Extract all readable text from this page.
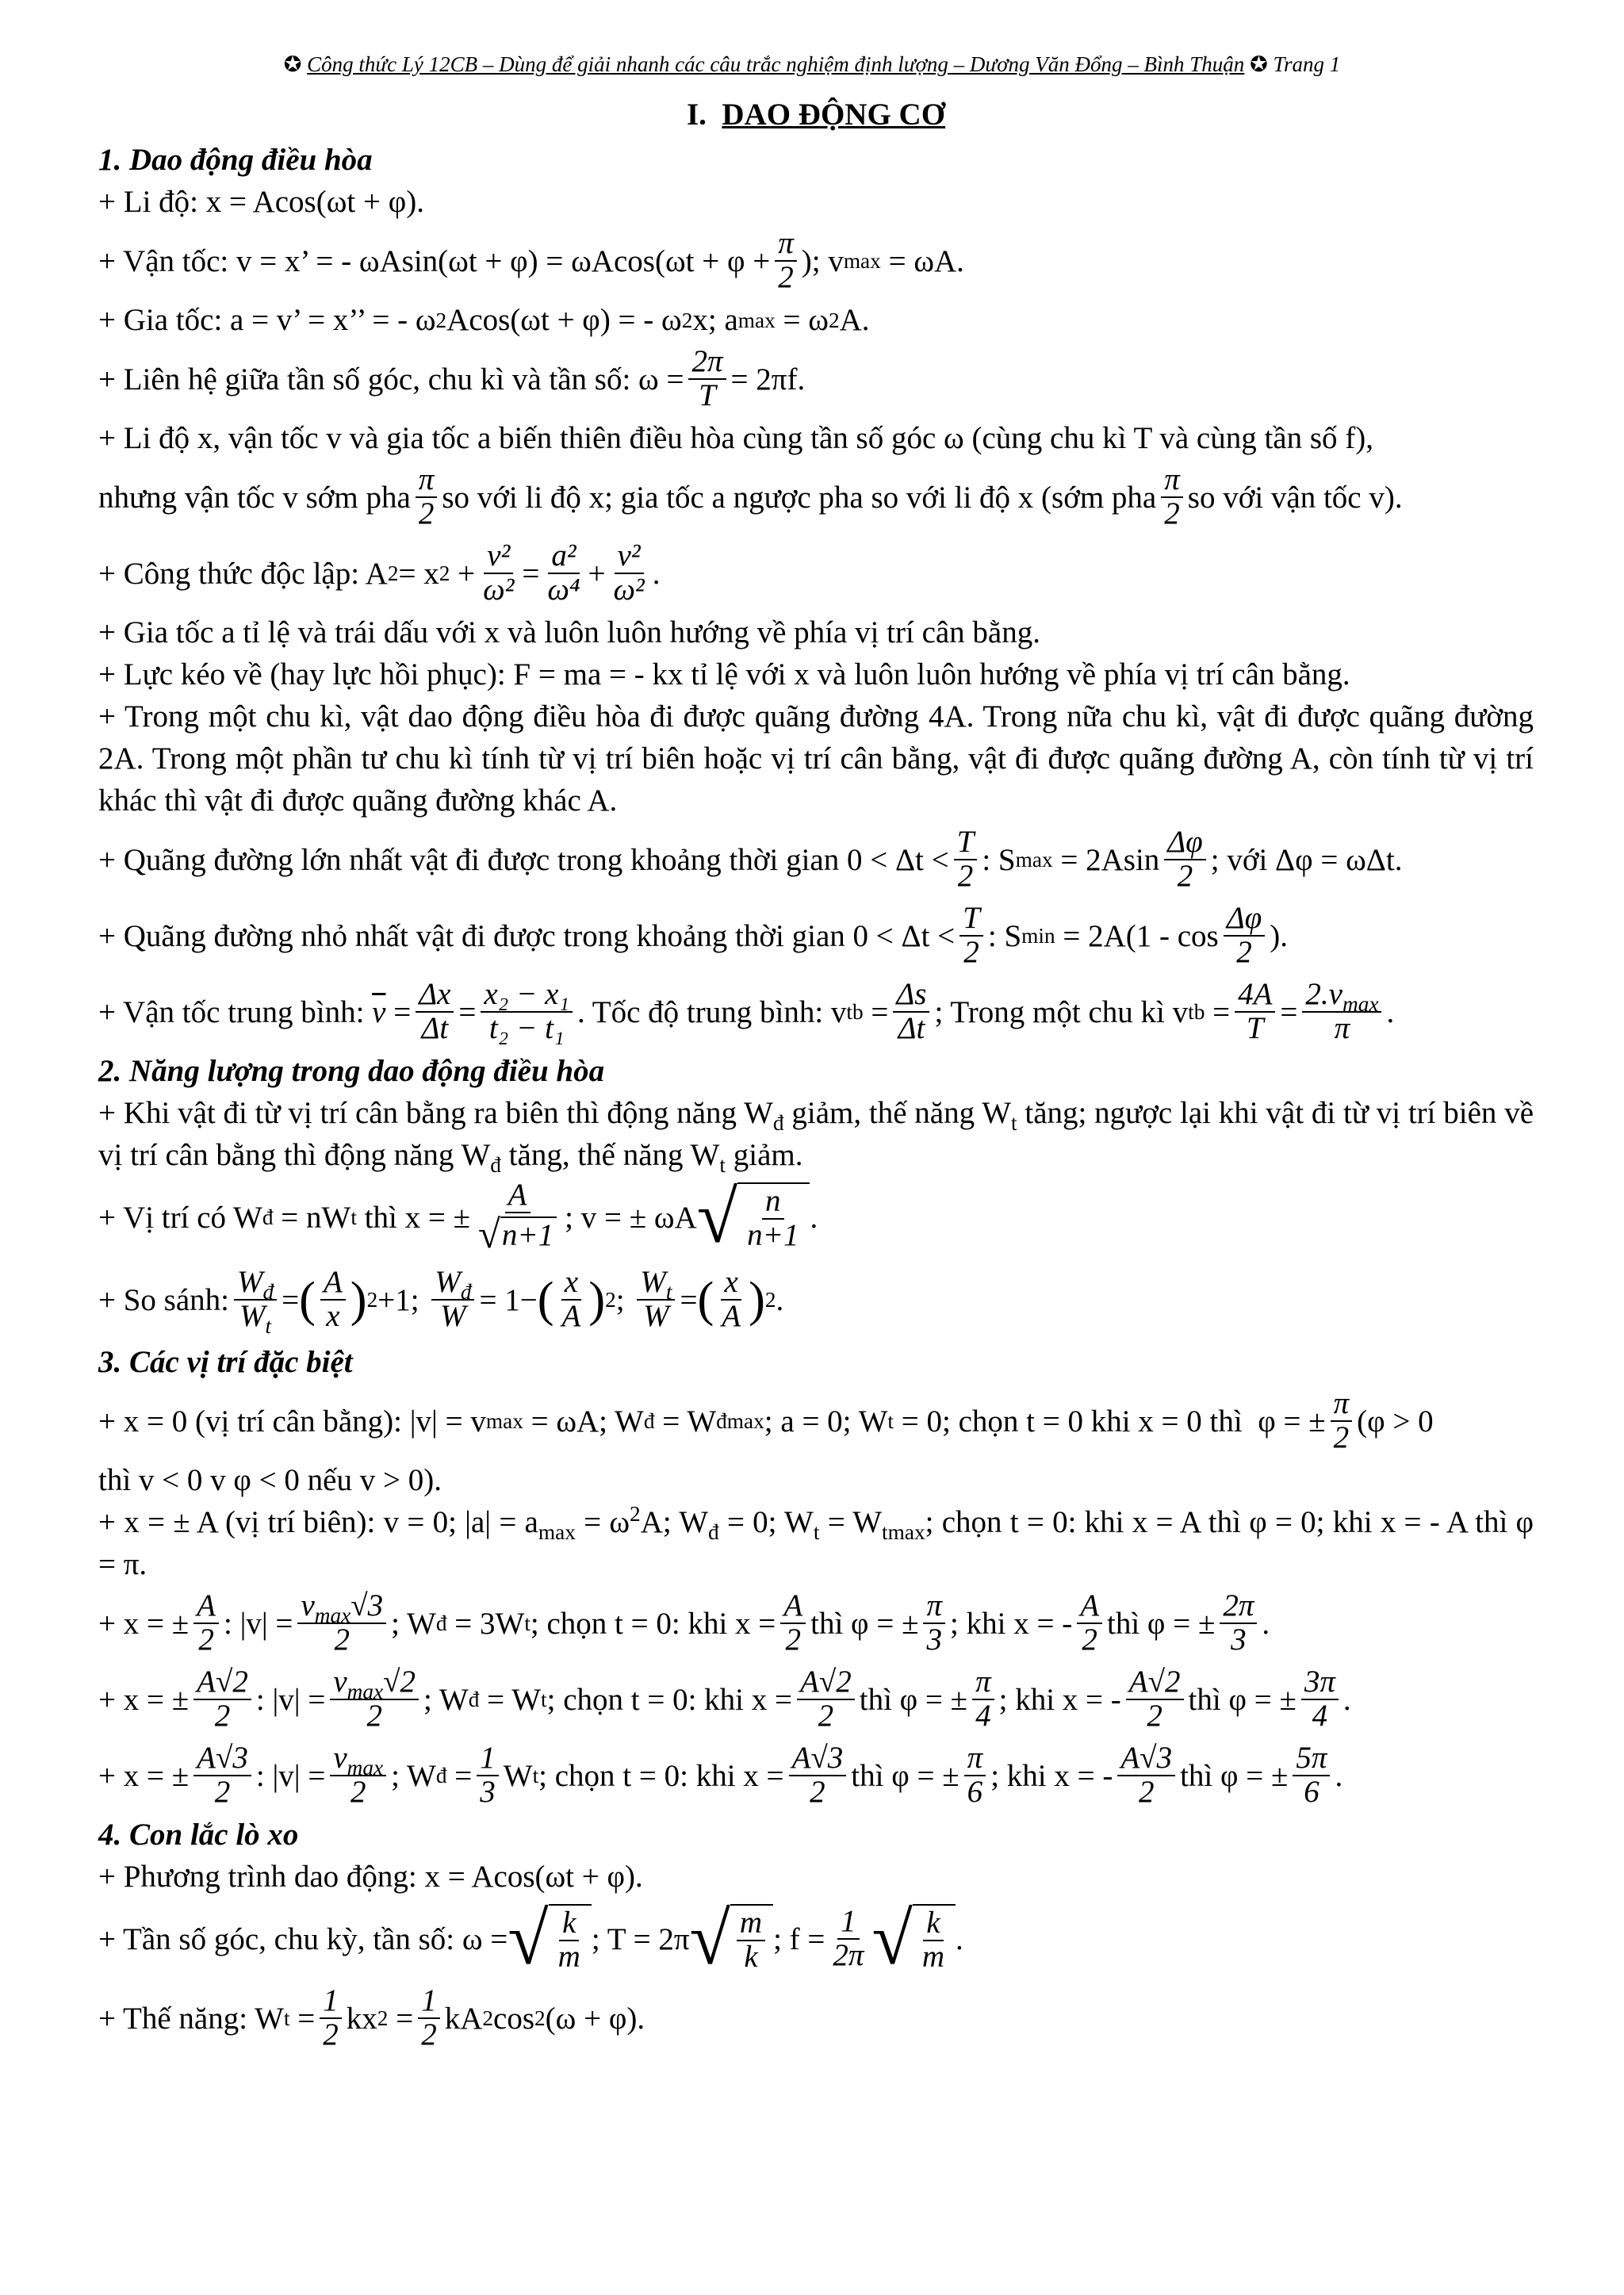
✪ Công thức Lý 12CB – Dùng để giải nhanh các câu trắc nghiệm định lượng – Dương Văn Đổng – Bình Thuận ✪ Trang 1
I. DAO ĐỘNG CƠ
1. Dao động điều hòa
+ Li độ: x = Acos(ωt + φ).
+ Vận tốc: v = x’ = - $\omega Asin(\omega t + \varphi) = \omega Acos(\omega t + \varphi + \frac{\pi}{2}$ ); v max
= ωA.
+ Gia tốc: a = v’ = x’’ = - ω 2 Acos(ωt + φ) = - ω 2 x; a max
= ω 2 A.
+ Liên hệ giữa tần số góc, chu kì và tần số: $\omega = \frac{2\pi}{T} = 2\pi f$.
+ Li độ x, vận tốc v và gia tốc a biến thiên điều hòa cùng tần số góc ω (cùng chu kì T và cùng tần số f),
nhưng vận tốc v sớm pha $\frac{\pi}{2}$ so với li độ x; gia tốc a ngược pha so với li độ x (sớm pha $\frac{\pi}{2}$ so với vận tốc v).
+ Công thức độc lập: A 2 = x 2
+ $\frac{\text{v²}}{\text{ω²}} = \frac{\text{a²}}{\text{ω⁴}} + \frac{\text{v²}}{\text{ω²}}$ .
+ Gia tốc a tỉ lệ và trái dấu với x và luôn luôn hướng về phía vị trí cân bằng.
+ Lực kéo về (hay lực hồi phục): F = ma = - kx tỉ lệ với x và luôn luôn hướng về phía vị trí cân bằng.
+ Trong một chu kì, vật dao động điều hòa đi được quãng đường 4A. Trong nữa chu kì, vật đi được quãng đường 2A. Trong một phần tư chu kì tính từ vị trí biên hoặc vị trí cân bằng, vật đi được quãng đường A, còn tính từ vị trí khác thì vật đi được quãng đường khác A.
+ Quãng đường lớn nhất vật đi được trong khoảng thời gian $0 < \Delta t < \frac{T}{2}$ : S max
= $2Asin \frac{\Delta\varphi}{2}$ ; với Δφ = ωΔt.
+ Quãng đường nhỏ nhất vật đi được trong khoảng thời gian $0 < \Delta t < \frac{T}{2}$ : S min
= $2A(1 - \cos \frac{\Delta\varphi}{2}$ ).
+ Vận tốc trung bình:
$\overline{v}$
= $\frac{\Delta x}{\Delta t} = \frac{\text{x₂ − x₁}}{\text{t₂ − t₁}}$ . Tốc độ trung bình: v tb
= $\frac{\Delta s}{\Delta t}$ ; Trong một chu kì v tb
= $\frac{4A}{T} = \frac{2.v_{max}}{\pi}$ .
2. Năng lượng trong dao động điều hòa
+ Khi vật đi từ vị trí cân bằng ra biên thì động năng $W_đ$ giảm, thế năng $W_t$ tăng; ngược lại khi vật đi từ vị trí biên về vị trí cân bằng thì động năng $W_đ$ tăng, thế năng $W_t$ giảm.
+ Vị trí có W đ
= nW t
thì x = ± $\frac{A}{√ n+1}$ ; v = ± ωA √ $\frac{n}{n+1}$ .
+ So sánh: $\frac{W_đ}{W_t}$ = ( $\frac{A}{x}$ ) 2 +1;
$\frac{W_đ}{W} = 1-$ ( $\frac{x}{A}$ ) 2 ;
$\frac{W_t}{W}$ = ( $\frac{x}{A}$ ) 2 .
3. Các vị trí đặc biệt
+ x = 0 (vị trí cân bằng): |v| = v max
= ωA; W đ
= W đmax ; a = 0; W t
= 0; chọn t = 0 khi x = 0 thì  φ = ± $\frac{\pi}{2} (\varphi > 0$
thì v < 0 v φ < 0 nếu v > 0).
+ x = ± A (vị trí biên): v = 0; $|a| = a_{max} = \omega^2A$; $W_đ = 0$; $W_t = W_{tmax}$; chọn t = 0: khi x = A thì φ = 0; khi x = - A thì φ = π.
+ x = ± $\frac{A}{2}$ : $|v| = \frac{v_{max}√3}{2}$ ; W đ
= 3W t ; chọn t = 0: khi $x = \frac{A}{2}$ thì φ = ± $\frac{\pi}{3}$ ; khi x = - $\frac{A}{2}$ thì φ = ± $\frac{2\pi}{3}$ .
+ x = ± $\frac{A√2}{2}$ : $|v| = \frac{v_{max}√2}{2}$ ; W đ
= W t ; chọn t = 0: khi $x = \frac{A√2}{2}$ thì φ = ± $\frac{\pi}{4}$ ; khi x = - $\frac{A√2}{2}$ thì φ = ± $\frac{3\pi}{4}$ .
+ x = ± $\frac{A√3}{2}$ : $|v| = \frac{v_{max}}{2}$ ; W đ
= $\frac{1}{3}$ W t ; chọn t = 0: khi $x = \frac{A√3}{2}$ thì φ = ± $\frac{\pi}{6}$ ; khi x = - $\frac{A√3}{2}$ thì φ = ± $\frac{5\pi}{6}$ .
4. Con lắc lò xo
+ Phương trình dao động: x = Acos(ωt + φ).
+ Tần số góc, chu kỳ, tần số: ω = √ $\frac{k}{m}$ ; T = 2π √ $\frac{m}{k}$ ; $f = \frac{1}{2\pi}$ √ $\frac{k}{m}$ .
+ Thế năng: W t
= $\frac{1}{2}$ kx 2
= $\frac{1}{2}$ kA 2 cos 2 (ω + φ).
